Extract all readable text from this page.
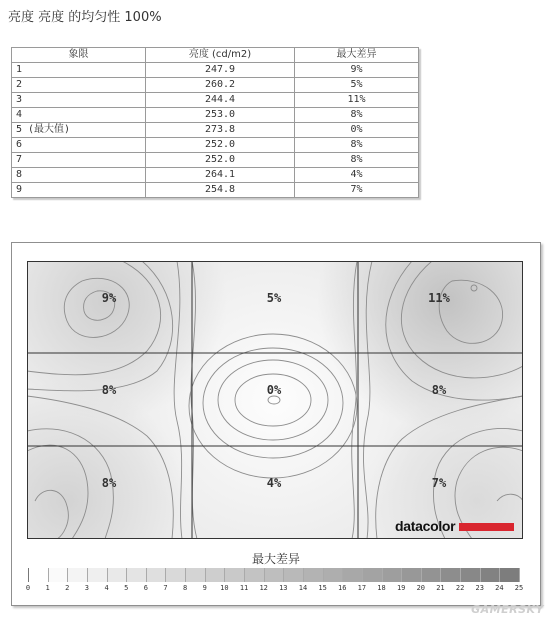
亮度 亮度 的均匀性 100%
象限	亮度 (cd/m2)	最大差异
1	247.9	9%
2	260.2	5%
3	244.4	11%
4	253.0	8%
5 (最大值)	273.8	0%
6	252.0	8%
7	252.0	8%
8	264.1	4%
9	254.8	7%
9%	5%	11%
8%	0%	8%
8%	4%	7%
datacolor
最大差异
0 1 2 3 4 5 6 7 8 9 10 11 12 13 14 15 16 17 18 19 20 21 22 23 24 25
GAMERSKY
